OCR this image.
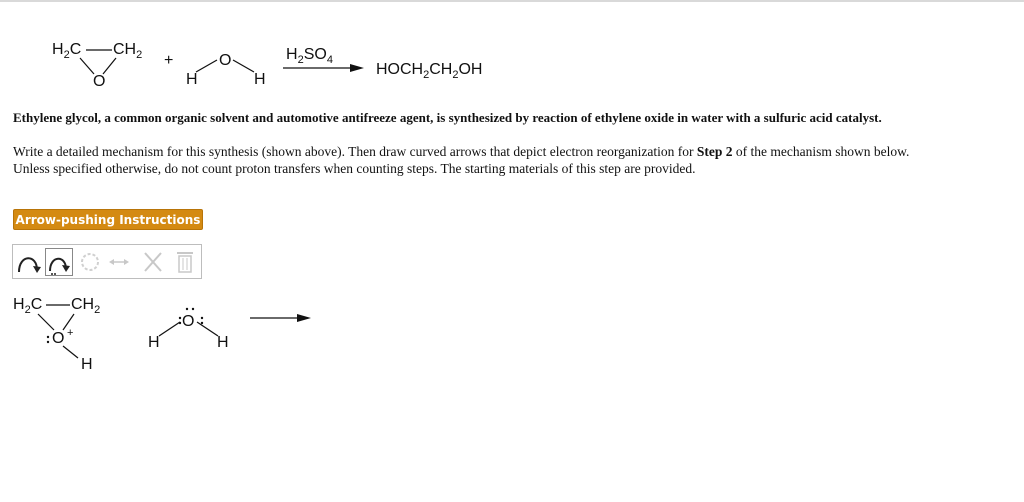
$H_2C$ $CH_2$
O
+
H
O
H
$H_2SO_4$
$HOCH_2CH_2OH$
Ethylene glycol, a common organic solvent and automotive antifreeze agent, is synthesized by reaction of ethylene oxide in water with a sulfuric acid catalyst.
Write a detailed mechanism for this synthesis (shown above). Then draw curved arrows that depict electron reorganization for Step 2 of the mechanism shown below.
Unless specified otherwise, do not count proton transfers when counting steps. The starting materials of this step are provided.
Arrow-pushing Instructions
$H_2C$ $CH_2$
O +
H
H
O
H
